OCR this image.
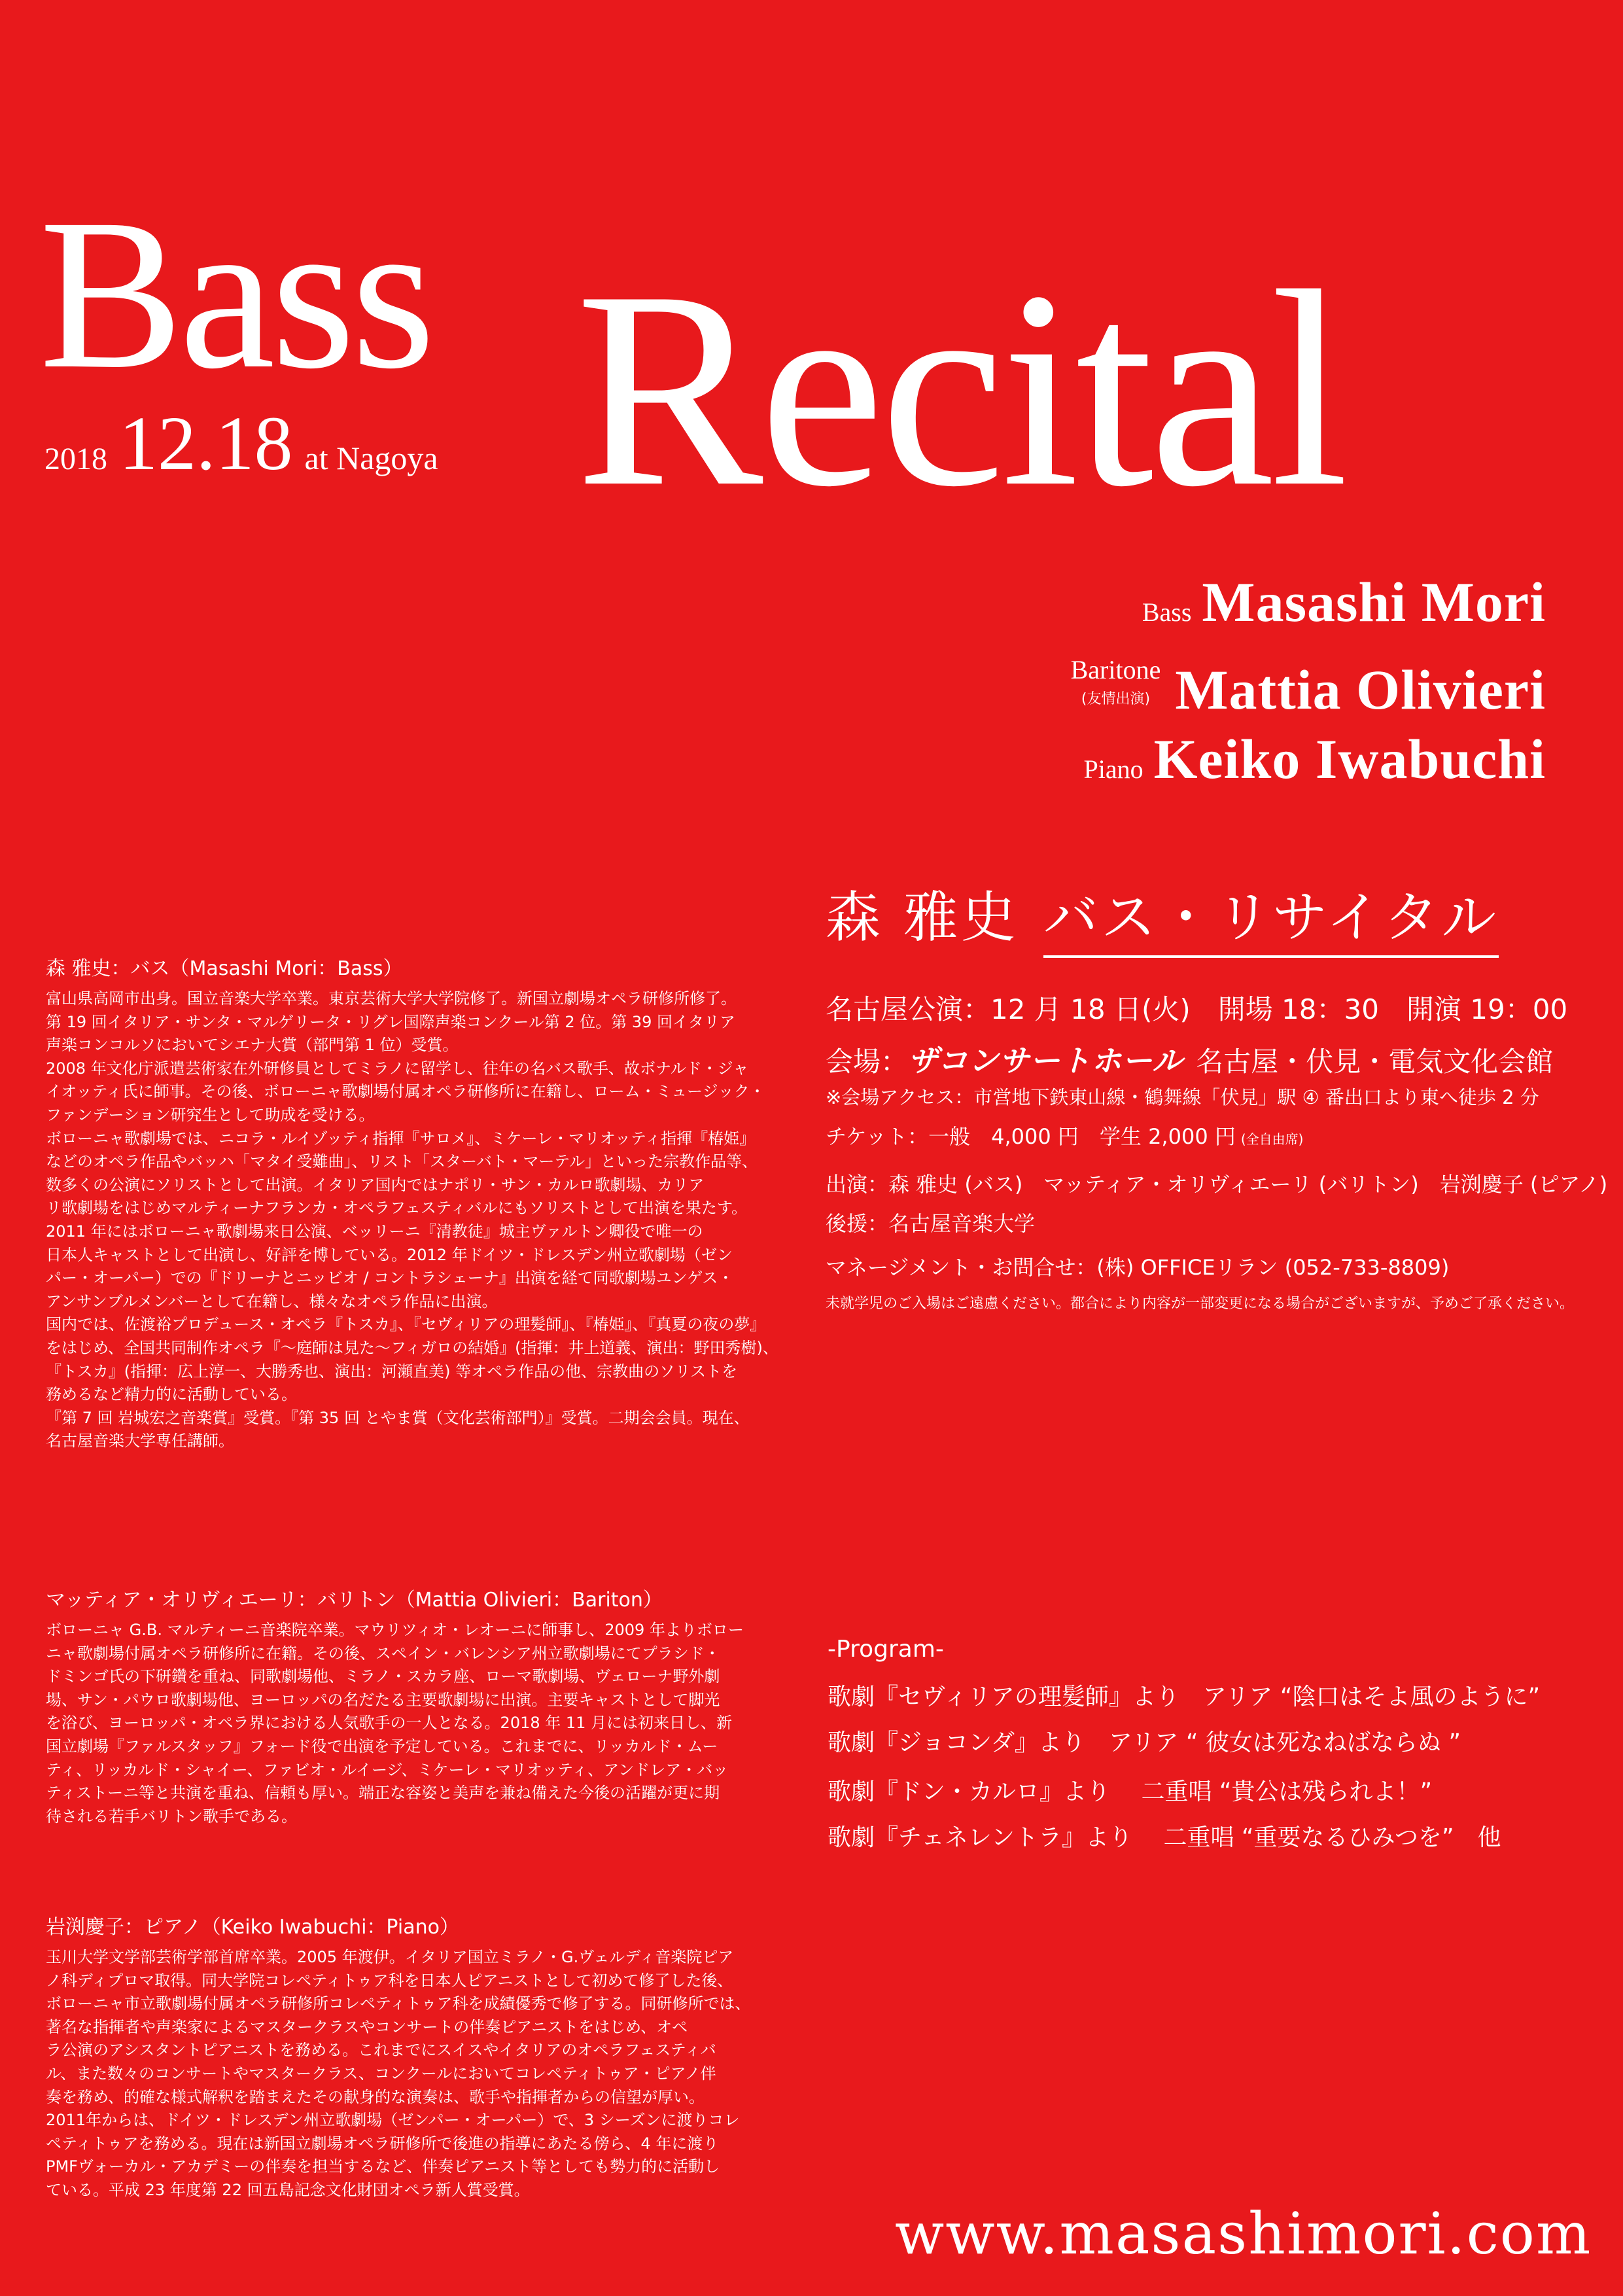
Bass Recital
2018 12.18 at Nagoya
Bass Masashi Mori
Baritone
(友情出演) Mattia Olivieri
Piano Keiko Iwabuchi
森 雅史 バス・リサイタル
名古屋公演：12 月 18 日(火)　開場 18：30　開演 19：00
会場：ザコンサートホール 名古屋・伏見・電気文化会館
※会場アクセス：市営地下鉄東山線・鶴舞線「伏見」駅 ④ 番出口より東へ徒歩 2 分
チケット：一般　4,000 円　学生 2,000 円 (全自由席)
出演：森 雅史 (バス)　マッティア・オリヴィエーリ (バリトン)　岩渕慶子 (ピアノ)
後援：名古屋音楽大学
マネージメント・お問合せ：(株) OFFICEリラン (052-733-8809)
未就学児のご入場はご遠慮ください。都合により内容が一部変更になる場合がございますが、予めご了承ください。
森 雅史：バス（Masashi Mori：Bass）
富山県高岡市出身。国立音楽大学卒業。東京芸術大学大学院修了。新国立劇場オペラ研修所修了。
第 19 回イタリア・サンタ・マルゲリータ・リグレ国際声楽コンクール第 2 位。第 39 回イタリア
声楽コンコルソにおいてシエナ大賞（部門第 1 位）受賞。
2008 年文化庁派遣芸術家在外研修員としてミラノに留学し、往年の名バス歌手、故ボナルド・ジャ
イオッティ氏に師事。その後、ボローニャ歌劇場付属オペラ研修所に在籍し、ローム・ミュージック・
ファンデーション研究生として助成を受ける。
ボローニャ歌劇場では、ニコラ・ルイゾッティ指揮『サロメ』、ミケーレ・マリオッティ指揮『椿姫』
などのオペラ作品やバッハ「マタイ受難曲」、リスト「スターバト・マーテル」といった宗教作品等、
数多くの公演にソリストとして出演。イタリア国内ではナポリ・サン・カルロ歌劇場、カリア
リ歌劇場をはじめマルティーナフランカ・オペラフェスティバルにもソリストとして出演を果たす。
2011 年にはボローニャ歌劇場来日公演、ベッリーニ『清教徒』城主ヴァルトン卿役で唯一の
日本人キャストとして出演し、好評を博している。2012 年ドイツ・ドレスデン州立歌劇場（ゼン
パー・オーパー）での『ドリーナとニッビオ / コントラシェーナ』出演を経て同歌劇場ユンゲス・
アンサンブルメンバーとして在籍し、様々なオペラ作品に出演。
国内では、佐渡裕プロデュース・オペラ『トスカ』、『セヴィリアの理髪師』、『椿姫』、『真夏の夜の夢』
をはじめ、全国共同制作オペラ『〜庭師は見た〜フィガロの結婚』(指揮：井上道義、演出：野田秀樹)、
『トスカ』(指揮：広上淳一、大勝秀也、演出：河瀬直美) 等オペラ作品の他、宗教曲のソリストを
務めるなど精力的に活動している。
『第 7 回 岩城宏之音楽賞』受賞。『第 35 回 とやま賞（文化芸術部門）』受賞。二期会会員。現在、
名古屋音楽大学専任講師。
マッティア・オリヴィエーリ：バリトン（Mattia Olivieri：Bariton）
ボローニャ G.B. マルティーニ音楽院卒業。マウリツィオ・レオーニに師事し、2009 年よりボロー
ニャ歌劇場付属オペラ研修所に在籍。その後、スペイン・バレンシア州立歌劇場にてプラシド・
ドミンゴ氏の下研鑽を重ね、同歌劇場他、ミラノ・スカラ座、ローマ歌劇場、ヴェローナ野外劇
場、サン・パウロ歌劇場他、ヨーロッパの名だたる主要歌劇場に出演。主要キャストとして脚光
を浴び、ヨーロッパ・オペラ界における人気歌手の一人となる。2018 年 11 月には初来日し、新
国立劇場『ファルスタッフ』フォード役で出演を予定している。これまでに、リッカルド・ムー
ティ、リッカルド・シャイー、ファビオ・ルイージ、ミケーレ・マリオッティ、アンドレア・バッ
ティストーニ等と共演を重ね、信頼も厚い。端正な容姿と美声を兼ね備えた今後の活躍が更に期
待される若手バリトン歌手である。
岩渕慶子：ピアノ（Keiko Iwabuchi：Piano）
玉川大学文学部芸術学部首席卒業。2005 年渡伊。イタリア国立ミラノ・G.ヴェルディ音楽院ピア
ノ科ディプロマ取得。同大学院コレペティトゥア科を日本人ピアニストとして初めて修了した後、
ボローニャ市立歌劇場付属オペラ研修所コレペティトゥア科を成績優秀で修了する。同研修所では、
著名な指揮者や声楽家によるマスタークラスやコンサートの伴奏ピアニストをはじめ、オペ
ラ公演のアシスタントピアニストを務める。これまでにスイスやイタリアのオペラフェスティバ
ル、また数々のコンサートやマスタークラス、コンクールにおいてコレペティトゥア・ピアノ伴
奏を務め、的確な様式解釈を踏まえたその献身的な演奏は、歌手や指揮者からの信望が厚い。
2011年からは、ドイツ・ドレスデン州立歌劇場（ゼンパー・オーパー）で、3 シーズンに渡りコレ
ペティトゥアを務める。現在は新国立劇場オペラ研修所で後進の指導にあたる傍ら、4 年に渡り
PMFヴォーカル・アカデミーの伴奏を担当するなど、伴奏ピアニスト等としても勢力的に活動し
ている。平成 23 年度第 22 回五島記念文化財団オペラ新人賞受賞。
-Program-
歌劇『セヴィリアの理髪師』より　アリア “陰口はそよ風のように”
歌劇『ジョコンダ』より　アリア “ 彼女は死なねばならぬ ”
歌劇『ドン・カルロ』より　 二重唱 “貴公は残られよ！”
歌劇『チェネレントラ』より　 二重唱 “重要なるひみつを”　他
www.masashimori.com
